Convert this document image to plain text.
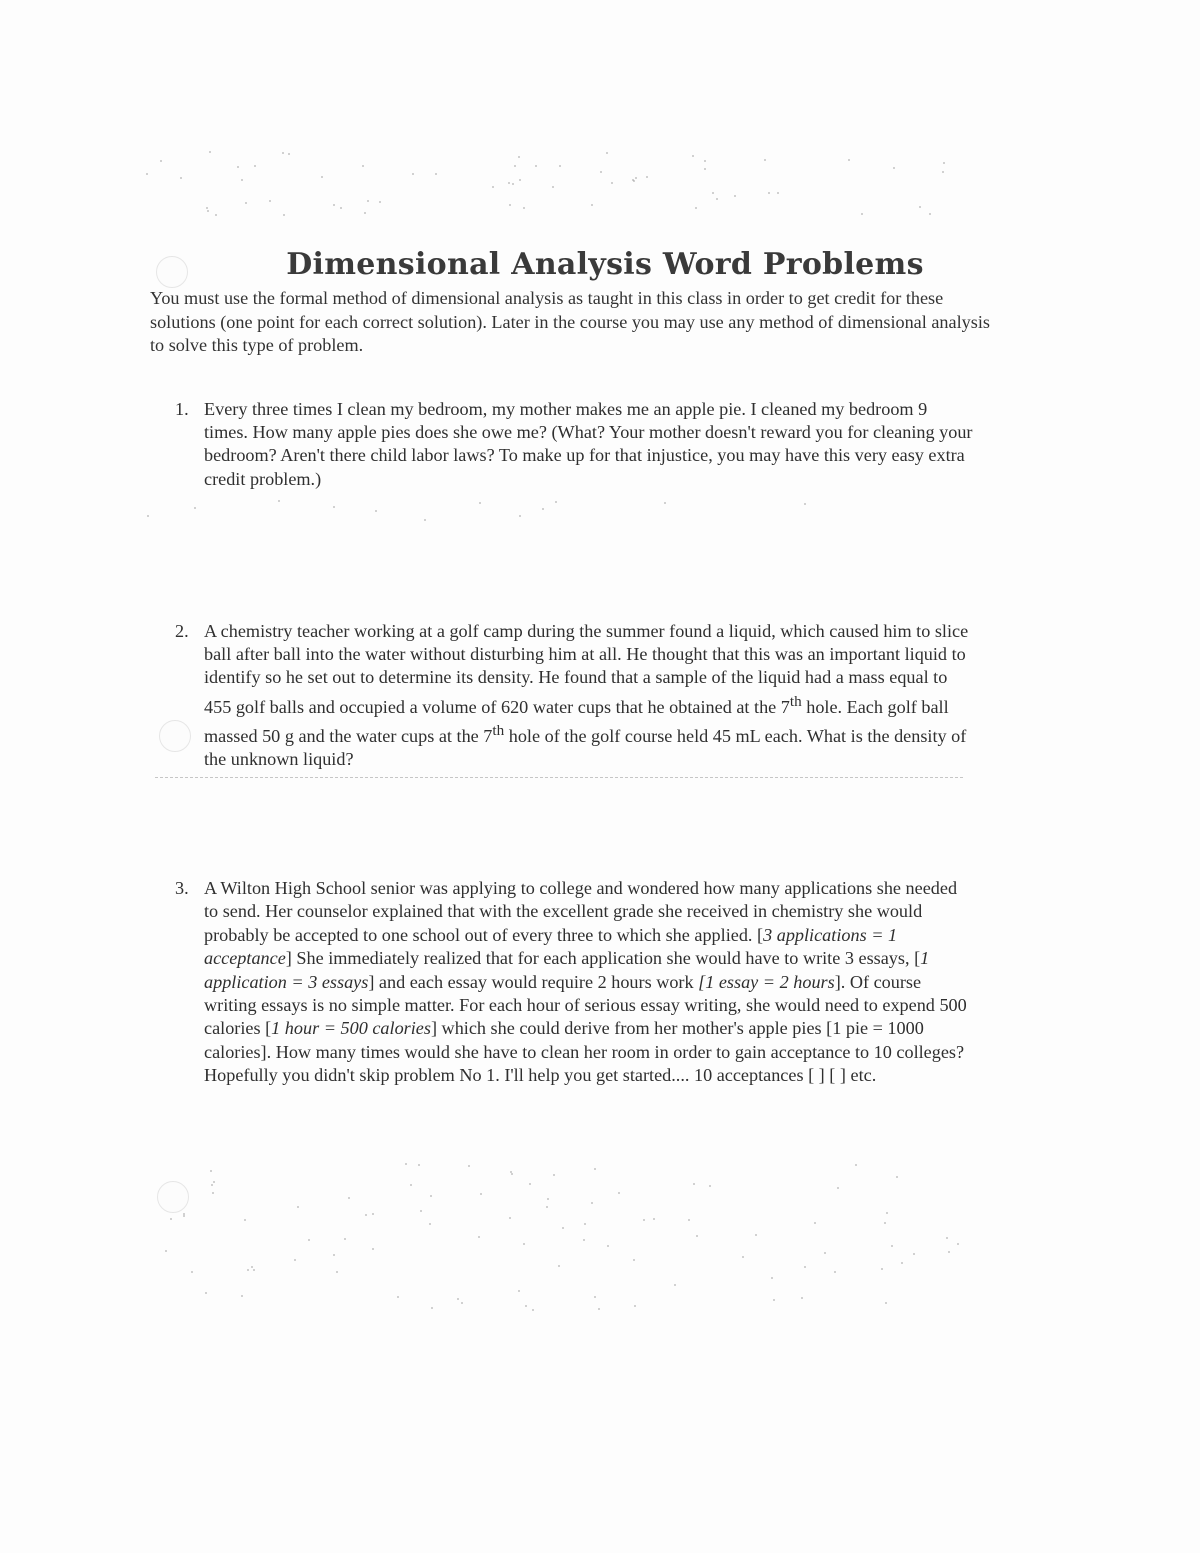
Dimensional Analysis Word Problems
You must use the formal method of dimensional analysis as taught in this class in order to get credit for these solutions (one point for each correct solution). Later in the course you may use any method of dimensional analysis to solve this type of problem.
1. Every three times I clean my bedroom, my mother makes me an apple pie. I cleaned my bedroom 9 times. How many apple pies does she owe me? (What? Your mother doesn't reward you for cleaning your bedroom? Aren't there child labor laws? To make up for that injustice, you may have this very easy extra credit problem.)
2. A chemistry teacher working at a golf camp during the summer found a liquid, which caused him to slice ball after ball into the water without disturbing him at all. He thought that this was an important liquid to identify so he set out to determine its density. He found that a sample of the liquid had a mass equal to 455 golf balls and occupied a volume of 620 water cups that he obtained at the 7th hole. Each golf ball massed 50 g and the water cups at the 7th hole of the golf course held 45 mL each. What is the density of the unknown liquid?
3. A Wilton High School senior was applying to college and wondered how many applications she needed to send. Her counselor explained that with the excellent grade she received in chemistry she would probably be accepted to one school out of every three to which she applied. [3 applications = 1 acceptance] She immediately realized that for each application she would have to write 3 essays, [1 application = 3 essays] and each essay would require 2 hours work [1 essay = 2 hours]. Of course writing essays is no simple matter. For each hour of serious essay writing, she would need to expend 500 calories [1 hour = 500 calories] which she could derive from her mother's apple pies [1 pie = 1000 calories]. How many times would she have to clean her room in order to gain acceptance to 10 colleges? Hopefully you didn't skip problem No 1. I'll help you get started.... 10 acceptances [ ] [ ] etc.
